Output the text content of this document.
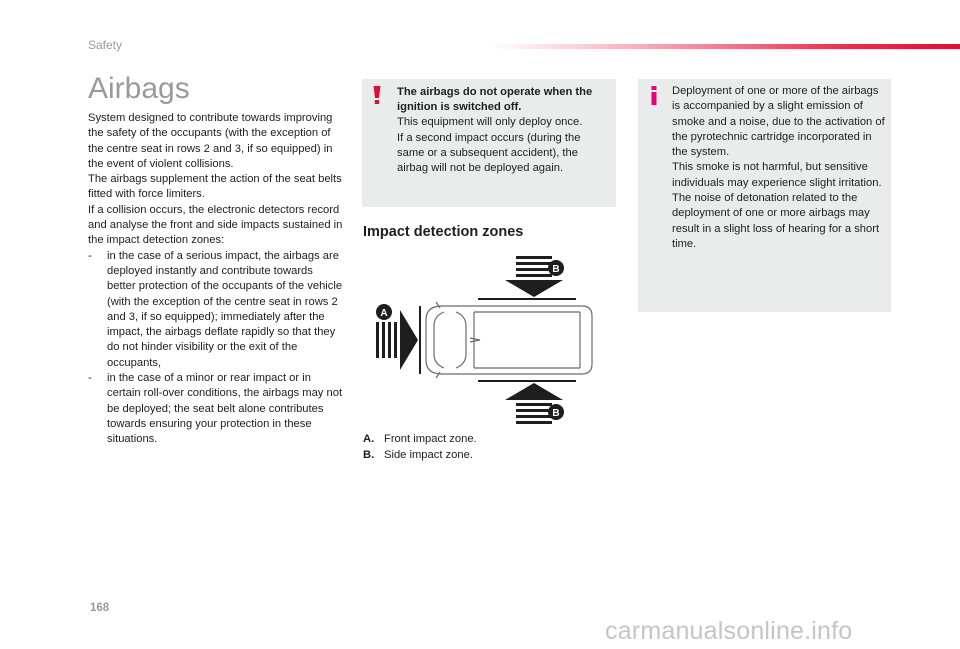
Safety
Airbags

System designed to contribute towards improving the safety of the occupants (with the exception of the centre seat in rows 2 and 3, if so equipped) in the event of violent collisions.

The airbags supplement the action of the seat belts fitted with force limiters.

If a collision occurs, the electronic detectors record and analyse the front and side impacts sustained in the impact detection zones:

-	in the case of a serious impact, the airbags are deployed instantly and contribute towards better protection of the occupants of the vehicle (with the exception of the centre seat in rows 2 and 3, if so equipped); immediately after the impact, the airbags deflate rapidly so that they do not hinder visibility or the exit of the occupants,
-	in the case of a minor or rear impact or in certain roll-over conditions, the airbags may not be deployed; the seat belt alone contributes towards ensuring your protection in these situations.

The airbags do not operate when the ignition is switched off.

This equipment will only deploy once.

If a second impact occurs (during the same or a subsequent accident), the airbag will not be deployed again.

Deployment of one or more of the airbags is accompanied by a slight emission of smoke and a noise, due to the activation of the pyrotechnic cartridge incorporated in the system.

This smoke is not harmful, but sensitive individuals may experience slight irritation.

The noise of detonation related to the deployment of one or more airbags may result in a slight loss of hearing for a short time.

Impact detection zones
B
A
B
A. Front impact zone.
B. Side impact zone.
168
carmanualsonline.info
